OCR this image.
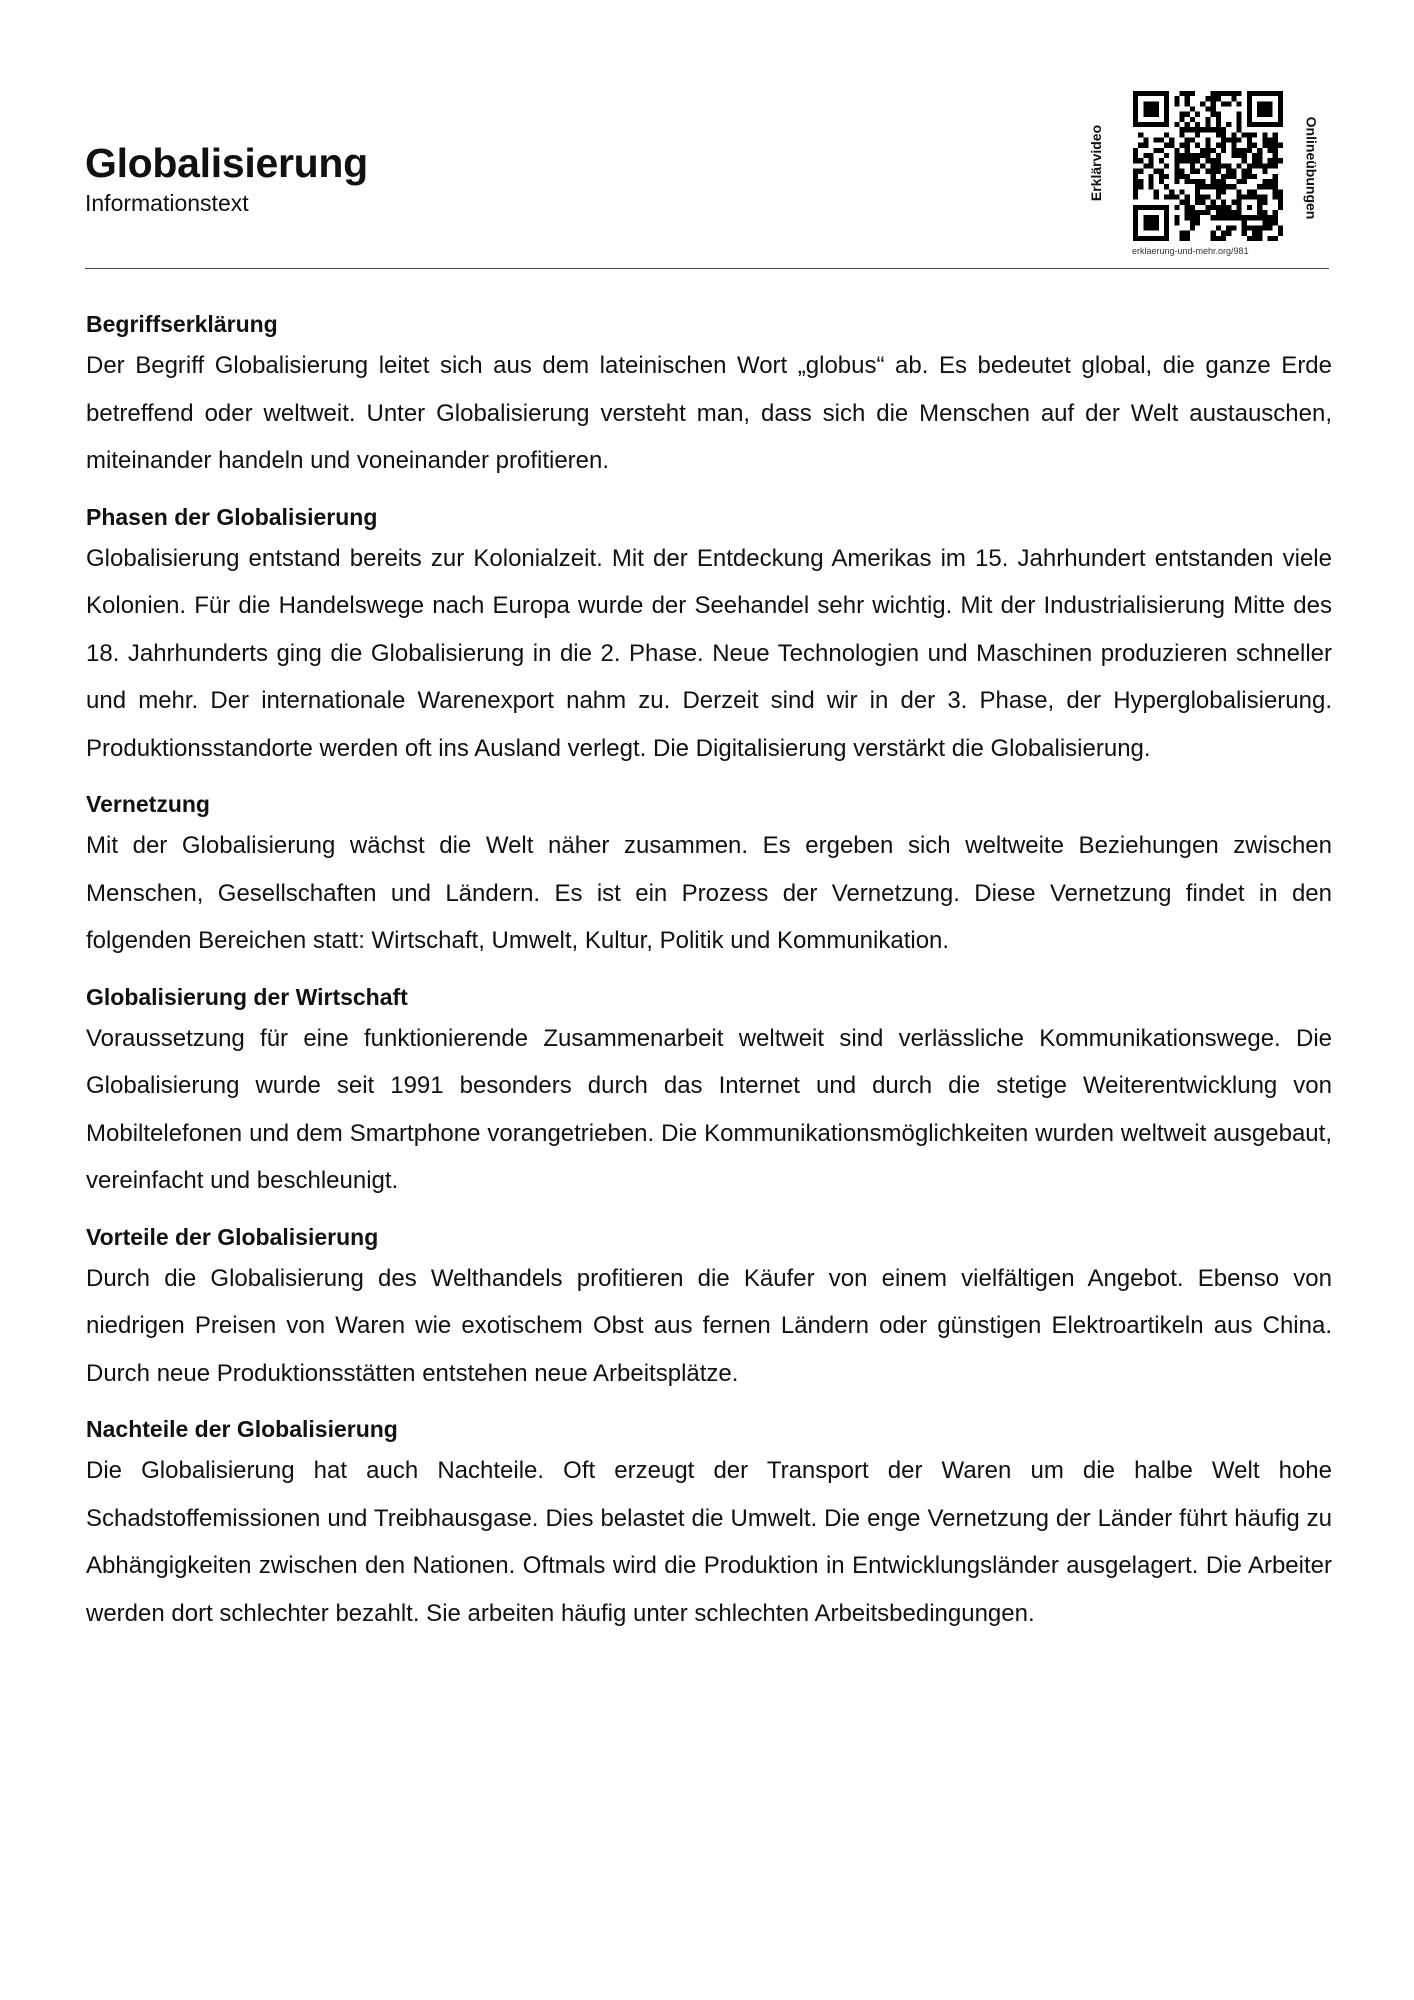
Globalisierung
Informationstext
Erklärvideo	Onlineübungen
erklaerung-und-mehr.org/981
Begriffserklärung

Der Begriff Globalisierung leitet sich aus dem lateinischen Wort „globus“ ab. Es bedeutet global, die ganze Erde betreffend oder weltweit. Unter Globalisierung versteht man, dass sich die Menschen auf der Welt austauschen, miteinander handeln und voneinander profitieren.

Phasen der Globalisierung

Globalisierung entstand bereits zur Kolonialzeit. Mit der Entdeckung Amerikas im 15. Jahrhundert entstanden viele Kolonien. Für die Handelswege nach Europa wurde der Seehandel sehr wichtig. Mit der Industrialisierung Mitte des 18. Jahrhunderts ging die Globalisierung in die 2. Phase. Neue Technologien und Maschinen produzieren schneller und mehr. Der internationale Warenexport nahm zu. Derzeit sind wir in der 3. Phase, der Hyperglobalisierung. Produktionsstandorte werden oft ins Ausland verlegt. Die Digitalisierung verstärkt die Globalisierung.

Vernetzung

Mit der Globalisierung wächst die Welt näher zusammen. Es ergeben sich weltweite Beziehungen zwischen Menschen, Gesellschaften und Ländern. Es ist ein Prozess der Vernetzung. Diese Vernetzung findet in den folgenden Bereichen statt: Wirtschaft, Umwelt, Kultur, Politik und Kommunikation.

Globalisierung der Wirtschaft

Voraussetzung für eine funktionierende Zusammenarbeit weltweit sind verlässliche Kommunikationswege. Die Globalisierung wurde seit 1991 besonders durch das Internet und durch die stetige Weiterentwicklung von Mobiltelefonen und dem Smartphone vorangetrieben. Die Kommunikationsmöglichkeiten wurden weltweit ausgebaut, vereinfacht und beschleunigt.

Vorteile der Globalisierung

Durch die Globalisierung des Welthandels profitieren die Käufer von einem vielfältigen Angebot. Ebenso von niedrigen Preisen von Waren wie exotischem Obst aus fernen Ländern oder günstigen Elektroartikeln aus China. Durch neue Produktionsstätten entstehen neue Arbeitsplätze.

Nachteile der Globalisierung

Die Globalisierung hat auch Nachteile. Oft erzeugt der Transport der Waren um die halbe Welt hohe Schadstoffemissionen und Treibhausgase. Dies belastet die Umwelt. Die enge Vernetzung der Länder führt häufig zu Abhängigkeiten zwischen den Nationen. Oftmals wird die Produktion in Entwicklungsländer ausgelagert. Die Arbeiter werden dort schlechter bezahlt. Sie arbeiten häufig unter schlechten Arbeitsbedingungen.
